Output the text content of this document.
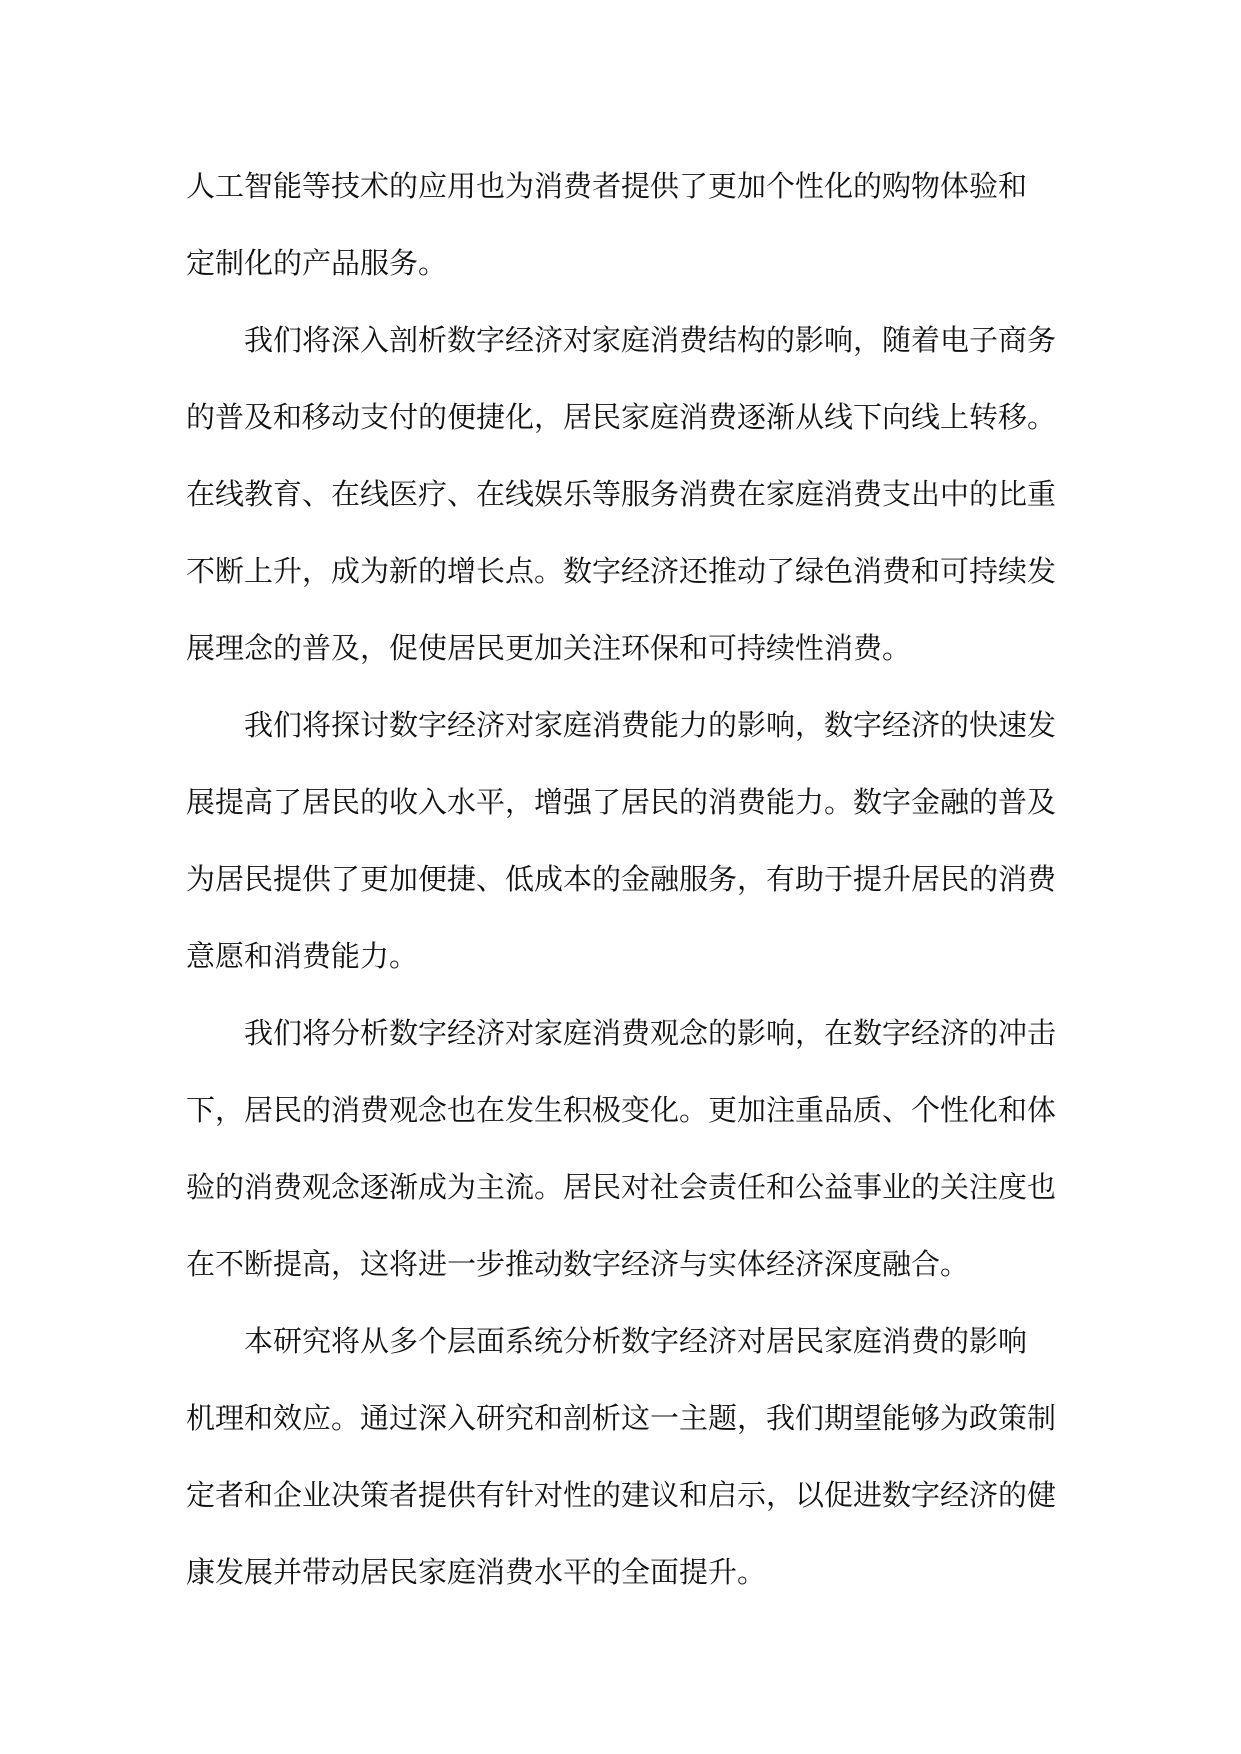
人工智能等技术的应用也为消费者提供了更加个性化的购物体验和
定制化的产品服务。
我们将深入剖析数字经济对家庭消费结构的影响，随着电子商务
的普及和移动支付的便捷化，居民家庭消费逐渐从线下向线上转移。
在线教育、在线医疗、在线娱乐等服务消费在家庭消费支出中的比重
不断上升，成为新的增长点。数字经济还推动了绿色消费和可持续发
展理念的普及，促使居民更加关注环保和可持续性消费。
我们将探讨数字经济对家庭消费能力的影响，数字经济的快速发
展提高了居民的收入水平，增强了居民的消费能力。数字金融的普及
为居民提供了更加便捷、低成本的金融服务，有助于提升居民的消费
意愿和消费能力。
我们将分析数字经济对家庭消费观念的影响，在数字经济的冲击
下，居民的消费观念也在发生积极变化。更加注重品质、个性化和体
验的消费观念逐渐成为主流。居民对社会责任和公益事业的关注度也
在不断提高，这将进一步推动数字经济与实体经济深度融合。
本研究将从多个层面系统分析数字经济对居民家庭消费的影响
机理和效应。通过深入研究和剖析这一主题，我们期望能够为政策制
定者和企业决策者提供有针对性的建议和启示，以促进数字经济的健
康发展并带动居民家庭消费水平的全面提升。
